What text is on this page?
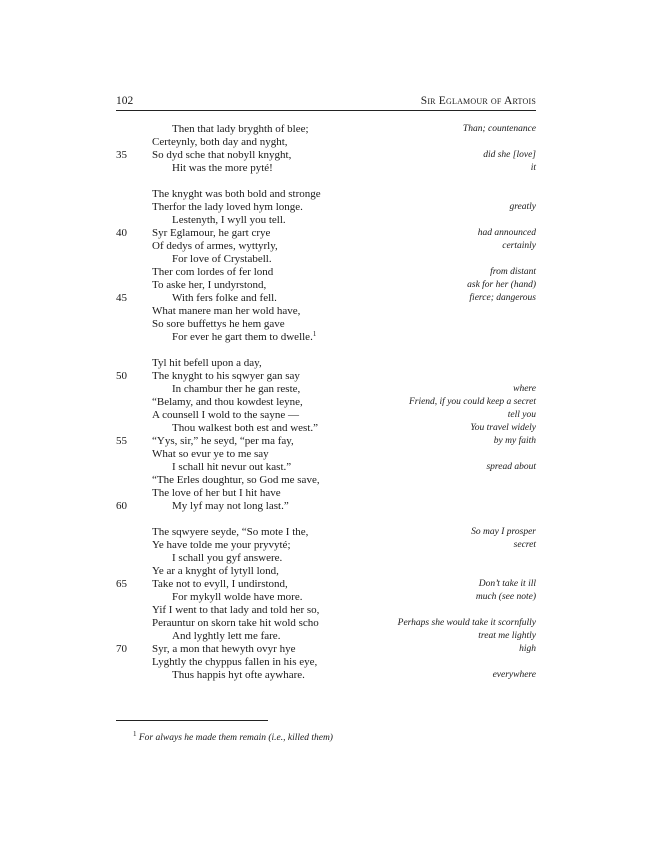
102	Sir Eglamour of Artois
Then that lady bryghth of blee;	Than; countenance
Certeynly, both day and nyght,
35	So dyd sche that nobyll knyght,	did she [love]
Hit was the more pyté!	it
The knyght was both bold and stronge
Therfor the lady loved hym longe.	greatly
Lestenyth, I wyll you tell.
40	Syr Eglamour, he gart crye	had announced
Of dedys of armes, wyttyrly,	certainly
For love of Crystabell.
Ther com lordes of fer lond	from distant
To aske her, I undyrstond,	ask for her (hand)
45	With fers folke and fell.	fierce; dangerous
What manere man her wold have,
So sore buffettys he hem gave
For ever he gart them to dwelle.$^1$
Tyl hit befell upon a day,
50	The knyght to his sqwyer gan say
In chambur ther he gan reste,	where
“Belamy, and thou kowdest leyne,	Friend, if you could keep a secret
A counsell I wold to the sayne —	tell you
Thou walkest both est and west.”	You travel widely
55	“Yys, sir,” he seyd, “per ma fay,	by my faith
What so evur ye to me say
I schall hit nevur out kast.”	spread about
“The Erles doughtur, so God me save,
The love of her but I hit have
60	My lyf may not long last.”
The sqwyere seyde, “So mote I the,	So may I prosper
Ye have tolde me your pryvyté;	secret
I schall you gyf answere.
Ye ar a knyght of lytyll lond,
65	Take not to evyll, I undirstond,	Don’t take it ill
For mykyll wolde have more.	much (see note)
Yif I went to that lady and told her so,
Perauntur on skorn take hit wold scho	Perhaps she would take it scornfully
And lyghtly lett me fare.	treat me lightly
70	Syr, a mon that hewyth ovyr hye	high
Lyghtly the chyppus fallen in his eye,
Thus happis hyt ofte aywhare.	everywhere
$^1$ For always he made them remain (i.e., killed them)
